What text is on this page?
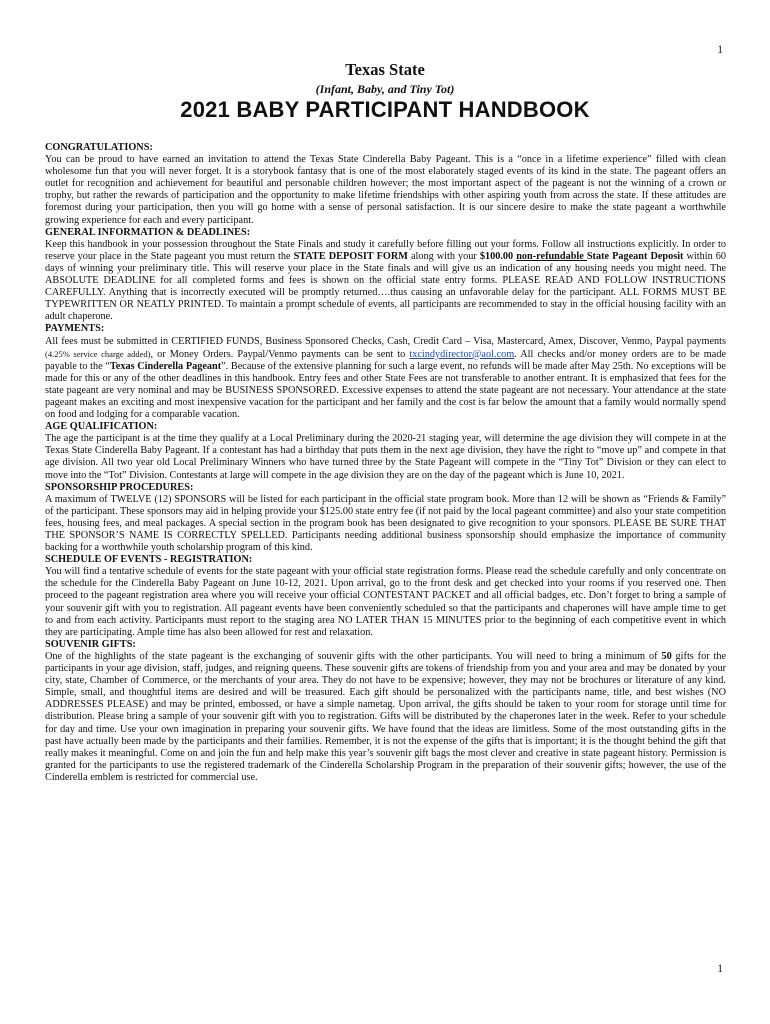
1
Texas State
(Infant, Baby, and Tiny Tot)
2021 BABY PARTICIPANT HANDBOOK
CONGRATULATIONS:

You can be proud to have earned an invitation to attend the Texas State Cinderella Baby Pageant. This is a “once in a lifetime experience” filled with clean wholesome fun that you will never forget. It is a storybook fantasy that is one of the most elaborately staged events of its kind in the state. The pageant offers an outlet for recognition and achievement for beautiful and personable children however; the most important aspect of the pageant is not the winning of a crown or trophy, but rather the rewards of participation and the opportunity to make lifetime friendships with other aspiring youth from across the state. If these attitudes are foremost during your participation, then you will go home with a sense of personal satisfaction. It is our sincere desire to make the state pageant a worthwhile growing experience for each and every participant.

GENERAL INFORMATION & DEADLINES:

Keep this handbook in your possession throughout the State Finals and study it carefully before filling out your forms. Follow all instructions explicitly. In order to reserve your place in the State pageant you must return the STATE DEPOSIT FORM along with your $100.00 non-refundable State Pageant Deposit within 60 days of winning your preliminary title. This will reserve your place in the State finals and will give us an indication of any housing needs you might need. The ABSOLUTE DEADLINE for all completed forms and fees is shown on the official state entry forms. PLEASE READ AND FOLLOW INSTRUCTIONS CAREFULLY. Anything that is incorrectly executed will be promptly returned….thus causing an unfavorable delay for the participant. ALL FORMS MUST BE TYPEWRITTEN OR NEATLY PRINTED. To maintain a prompt schedule of events, all participants are recommended to stay in the official housing facility with an adult chaperone.

PAYMENTS:

All fees must be submitted in CERTIFIED FUNDS, Business Sponsored Checks, Cash, Credit Card – Visa, Mastercard, Amex, Discover, Venmo, Paypal payments (4.25% service charge added), or Money Orders. Paypal/Venmo payments can be sent to txcindydirector@aol.com. All checks and/or money orders are to be made payable to the “Texas Cinderella Pageant”. Because of the extensive planning for such a large event, no refunds will be made after May 25th. No exceptions will be made for this or any of the other deadlines in this handbook. Entry fees and other State Fees are not transferable to another entrant. It is emphasized that fees for the state pageant are very nominal and may be BUSINESS SPONSORED. Excessive expenses to attend the state pageant are not necessary. Your attendance at the state pageant makes an exciting and most inexpensive vacation for the participant and her family and the cost is far below the amount that a family would normally spend on food and lodging for a comparable vacation.

AGE QUALIFICATION:

The age the participant is at the time they qualify at a Local Preliminary during the 2020-21 staging year, will determine the age division they will compete in at the Texas State Cinderella Baby Pageant. If a contestant has had a birthday that puts them in the next age division, they have the right to “move up” and compete in that age division. All two year old Local Preliminary Winners who have turned three by the State Pageant will compete in the “Tiny Tot” Division or they can elect to move into the “Tot” Division. Contestants at large will compete in the age division they are on the day of the pageant which is June 10, 2021.

SPONSORSHIP PROCEDURES:

A maximum of TWELVE (12) SPONSORS will be listed for each participant in the official state program book. More than 12 will be shown as “Friends & Family” of the participant. These sponsors may aid in helping provide your $125.00 state entry fee (if not paid by the local pageant committee) and also your state competition fees, housing fees, and meal packages. A special section in the program book has been designated to give recognition to your sponsors. PLEASE BE SURE THAT THE SPONSOR’S NAME IS CORRECTLY SPELLED. Participants needing additional business sponsorship should emphasize the importance of community backing for a worthwhile youth scholarship program of this kind.

SCHEDULE OF EVENTS - REGISTRATION:

You will find a tentative schedule of events for the state pageant with your official state registration forms. Please read the schedule carefully and only concentrate on the schedule for the Cinderella Baby Pageant on June 10-12, 2021. Upon arrival, go to the front desk and get checked into your rooms if you reserved one. Then proceed to the pageant registration area where you will receive your official CONTESTANT PACKET and all official badges, etc. Don’t forget to bring a sample of your souvenir gift with you to registration. All pageant events have been conveniently scheduled so that the participants and chaperones will have ample time to get to and from each activity. Participants must report to the staging area NO LATER THAN 15 MINUTES prior to the beginning of each competitive event in which they are participating. Ample time has also been allowed for rest and relaxation.

SOUVENIR GIFTS:

One of the highlights of the state pageant is the exchanging of souvenir gifts with the other participants. You will need to bring a minimum of 50 gifts for the participants in your age division, staff, judges, and reigning queens. These souvenir gifts are tokens of friendship from you and your area and may be donated by your city, state, Chamber of Commerce, or the merchants of your area. They do not have to be expensive; however, they may not be brochures or literature of any kind. Simple, small, and thoughtful items are desired and will be treasured. Each gift should be personalized with the participants name, title, and best wishes (NO ADDRESSES PLEASE) and may be printed, embossed, or have a simple nametag. Upon arrival, the gifts should be taken to your room for storage until time for distribution. Please bring a sample of your souvenir gift with you to registration. Gifts will be distributed by the chaperones later in the week. Refer to your schedule for day and time. Use your own imagination in preparing your souvenir gifts. We have found that the ideas are limitless. Some of the most outstanding gifts in the past have actually been made by the participants and their families. Remember, it is not the expense of the gifts that is important; it is the thought behind the gift that really makes it meaningful. Come on and join the fun and help make this year’s souvenir gift bags the most clever and creative in state pageant history. Permission is granted for the participants to use the registered trademark of the Cinderella Scholarship Program in the preparation of their souvenir gifts; however, the use of the Cinderella emblem is restricted for commercial use.

1
